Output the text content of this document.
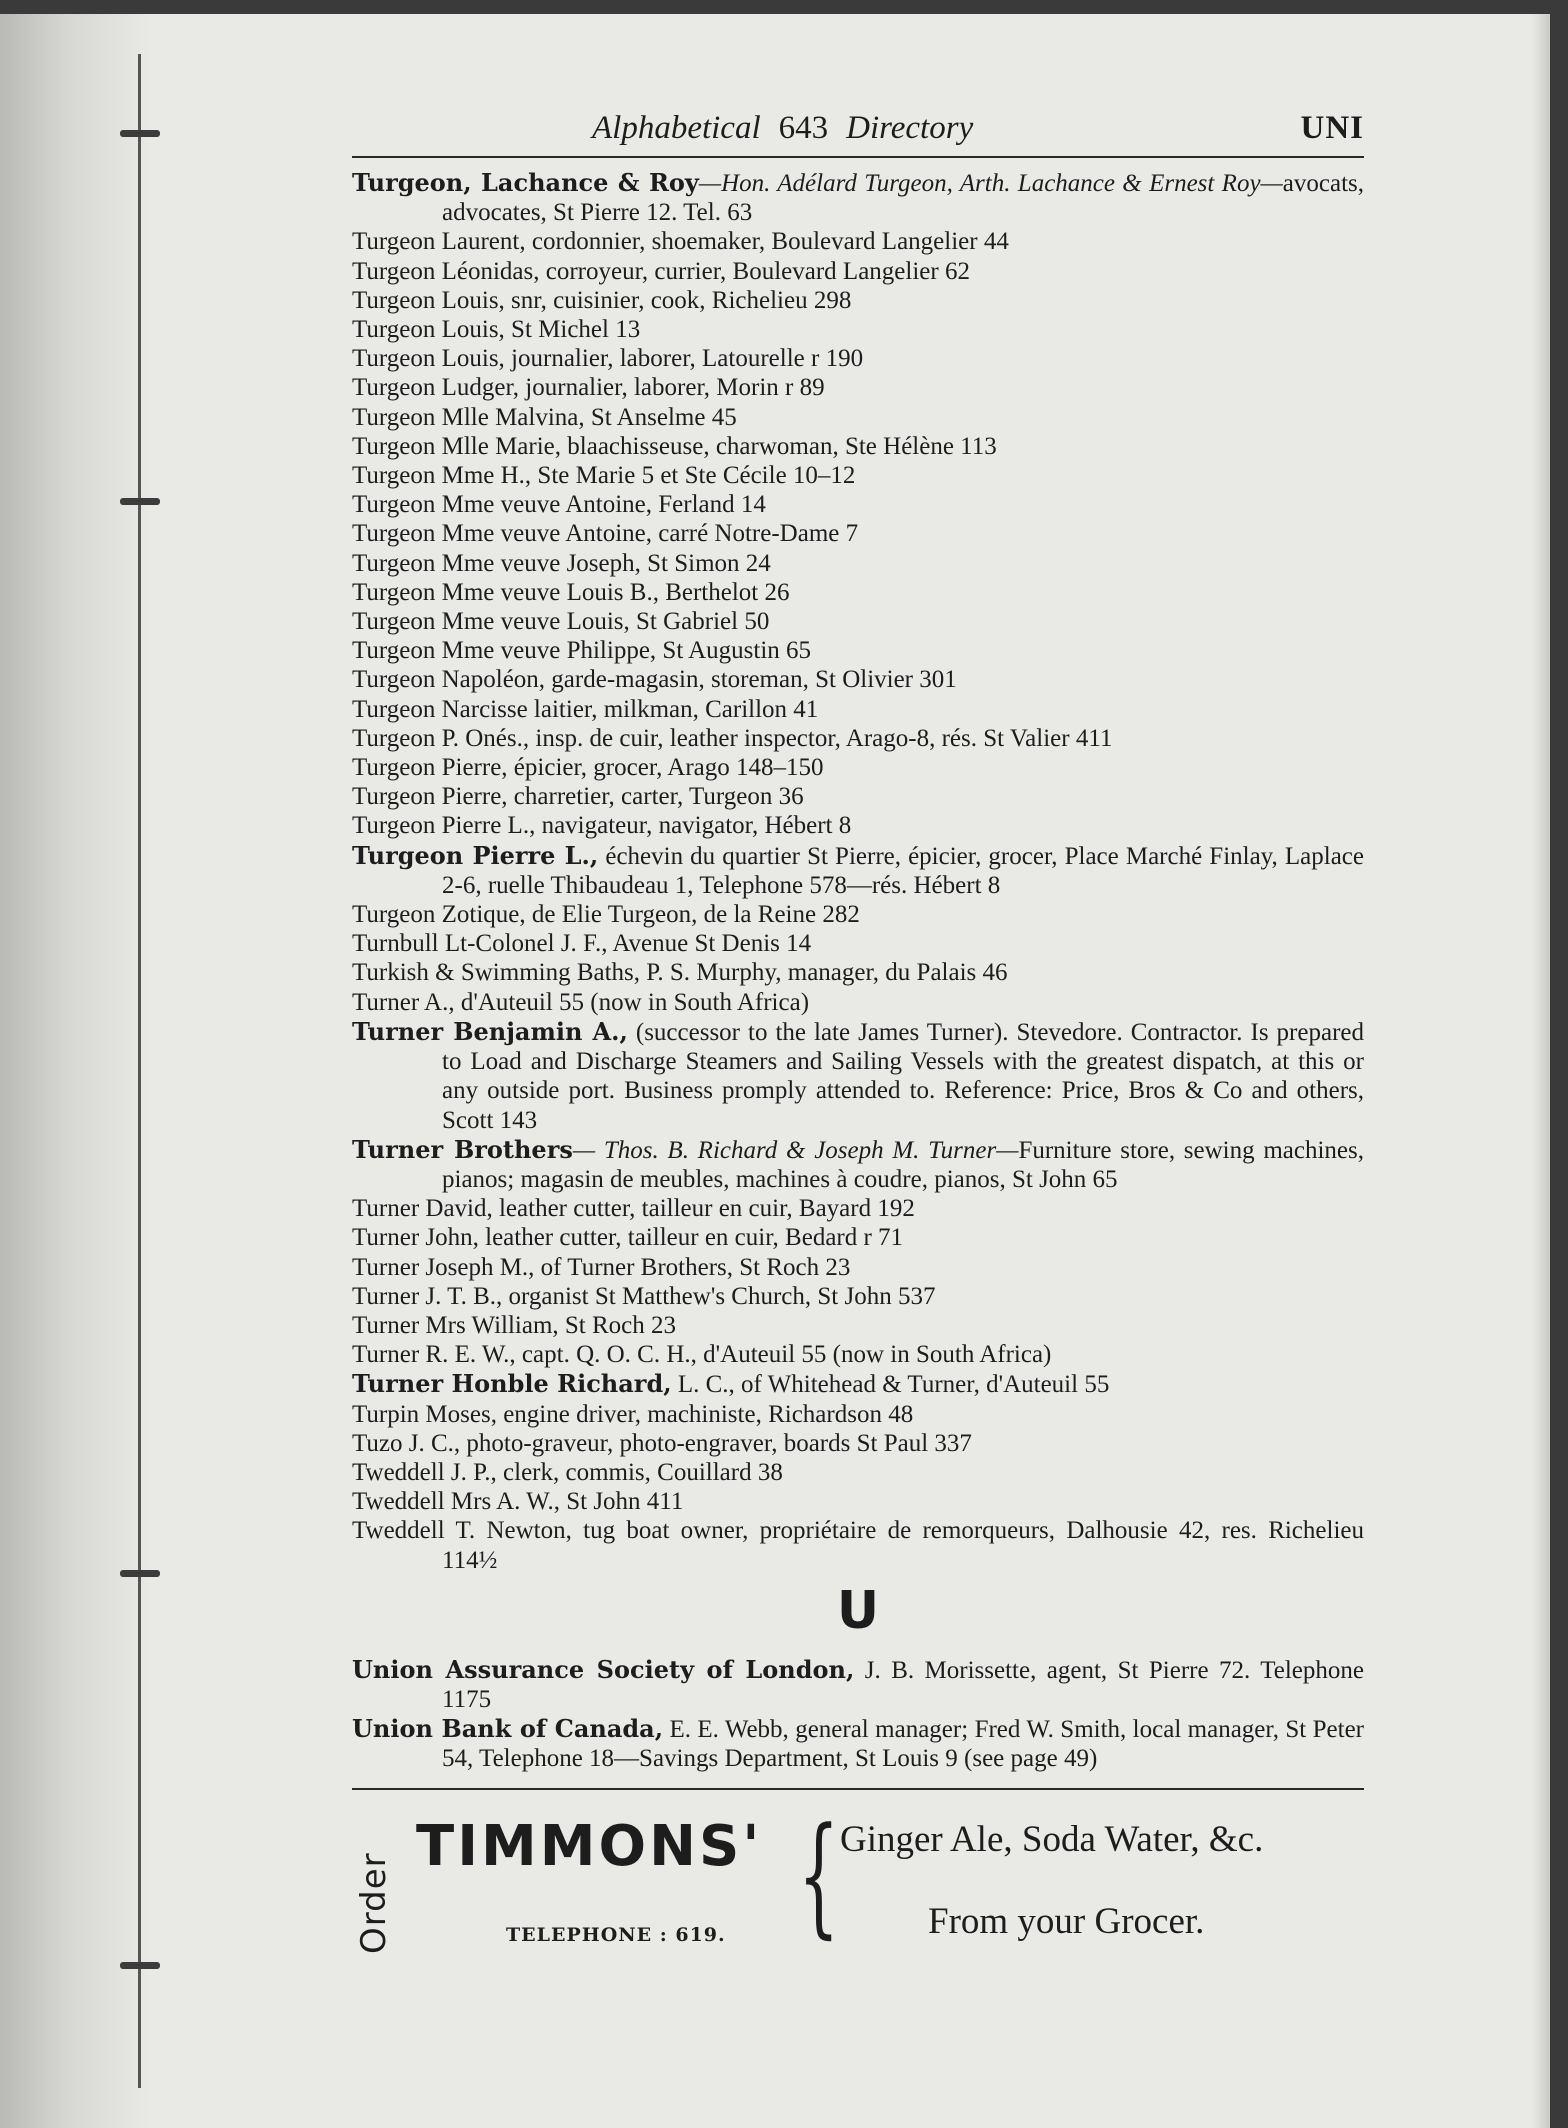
Alphabetical 643 Directory	UNI
Turgeon, Lachance & Roy—Hon. Adélard Turgeon, Arth. Lachance & Ernest Roy—avocats, advocates, St Pierre 12. Tel. 63
Turgeon Laurent, cordonnier, shoemaker, Boulevard Langelier 44
Turgeon Léonidas, corroyeur, currier, Boulevard Langelier 62
Turgeon Louis, snr, cuisinier, cook, Richelieu 298
Turgeon Louis, St Michel 13
Turgeon Louis, journalier, laborer, Latourelle r 190
Turgeon Ludger, journalier, laborer, Morin r 89
Turgeon Mlle Malvina, St Anselme 45
Turgeon Mlle Marie, blaachisseuse, charwoman, Ste Hélène 113
Turgeon Mme H., Ste Marie 5 et Ste Cécile 10–12
Turgeon Mme veuve Antoine, Ferland 14
Turgeon Mme veuve Antoine, carré Notre-Dame 7
Turgeon Mme veuve Joseph, St Simon 24
Turgeon Mme veuve Louis B., Berthelot 26
Turgeon Mme veuve Louis, St Gabriel 50
Turgeon Mme veuve Philippe, St Augustin 65
Turgeon Napoléon, garde-magasin, storeman, St Olivier 301
Turgeon Narcisse laitier, milkman, Carillon 41
Turgeon P. Onés., insp. de cuir, leather inspector, Arago-8, rés. St Valier 411
Turgeon Pierre, épicier, grocer, Arago 148–150
Turgeon Pierre, charretier, carter, Turgeon 36
Turgeon Pierre L., navigateur, navigator, Hébert 8
Turgeon Pierre L., échevin du quartier St Pierre, épicier, grocer, Place Marché Finlay, Laplace 2-6, ruelle Thibaudeau 1, Telephone 578—rés. Hébert 8
Turgeon Zotique, de Elie Turgeon, de la Reine 282
Turnbull Lt-Colonel J. F., Avenue St Denis 14
Turkish & Swimming Baths, P. S. Murphy, manager, du Palais 46
Turner A., d'Auteuil 55 (now in South Africa)
Turner Benjamin A., (successor to the late James Turner). Stevedore. Contractor. Is prepared to Load and Discharge Steamers and Sailing Vessels with the greatest dispatch, at this or any outside port. Business promply attended to. Reference: Price, Bros & Co and others, Scott 143
Turner Brothers— Thos. B. Richard & Joseph M. Turner—Furniture store, sewing machines, pianos; magasin de meubles, machines à coudre, pianos, St John 65
Turner David, leather cutter, tailleur en cuir, Bayard 192
Turner John, leather cutter, tailleur en cuir, Bedard r 71
Turner Joseph M., of Turner Brothers, St Roch 23
Turner J. T. B., organist St Matthew's Church, St John 537
Turner Mrs William, St Roch 23
Turner R. E. W., capt. Q. O. C. H., d'Auteuil 55 (now in South Africa)
Turner Honble Richard, L. C., of Whitehead & Turner, d'Auteuil 55
Turpin Moses, engine driver, machiniste, Richardson 48
Tuzo J. C., photo-graveur, photo-engraver, boards St Paul 337
Tweddell J. P., clerk, commis, Couillard 38
Tweddell Mrs A. W., St John 411
Tweddell T. Newton, tug boat owner, propriétaire de remorqueurs, Dalhousie 42, res. Richelieu 114½
U
Union Assurance Society of London, J. B. Morissette, agent, St Pierre 72. Telephone 1175
Union Bank of Canada, E. E. Webb, general manager; Fred W. Smith, local manager, St Peter 54, Telephone 18—Savings Department, St Louis 9 (see page 49)
Order
TIMMONS'
TELEPHONE : 619. { Ginger Ale, Soda Water, &c.
From your Grocer.
